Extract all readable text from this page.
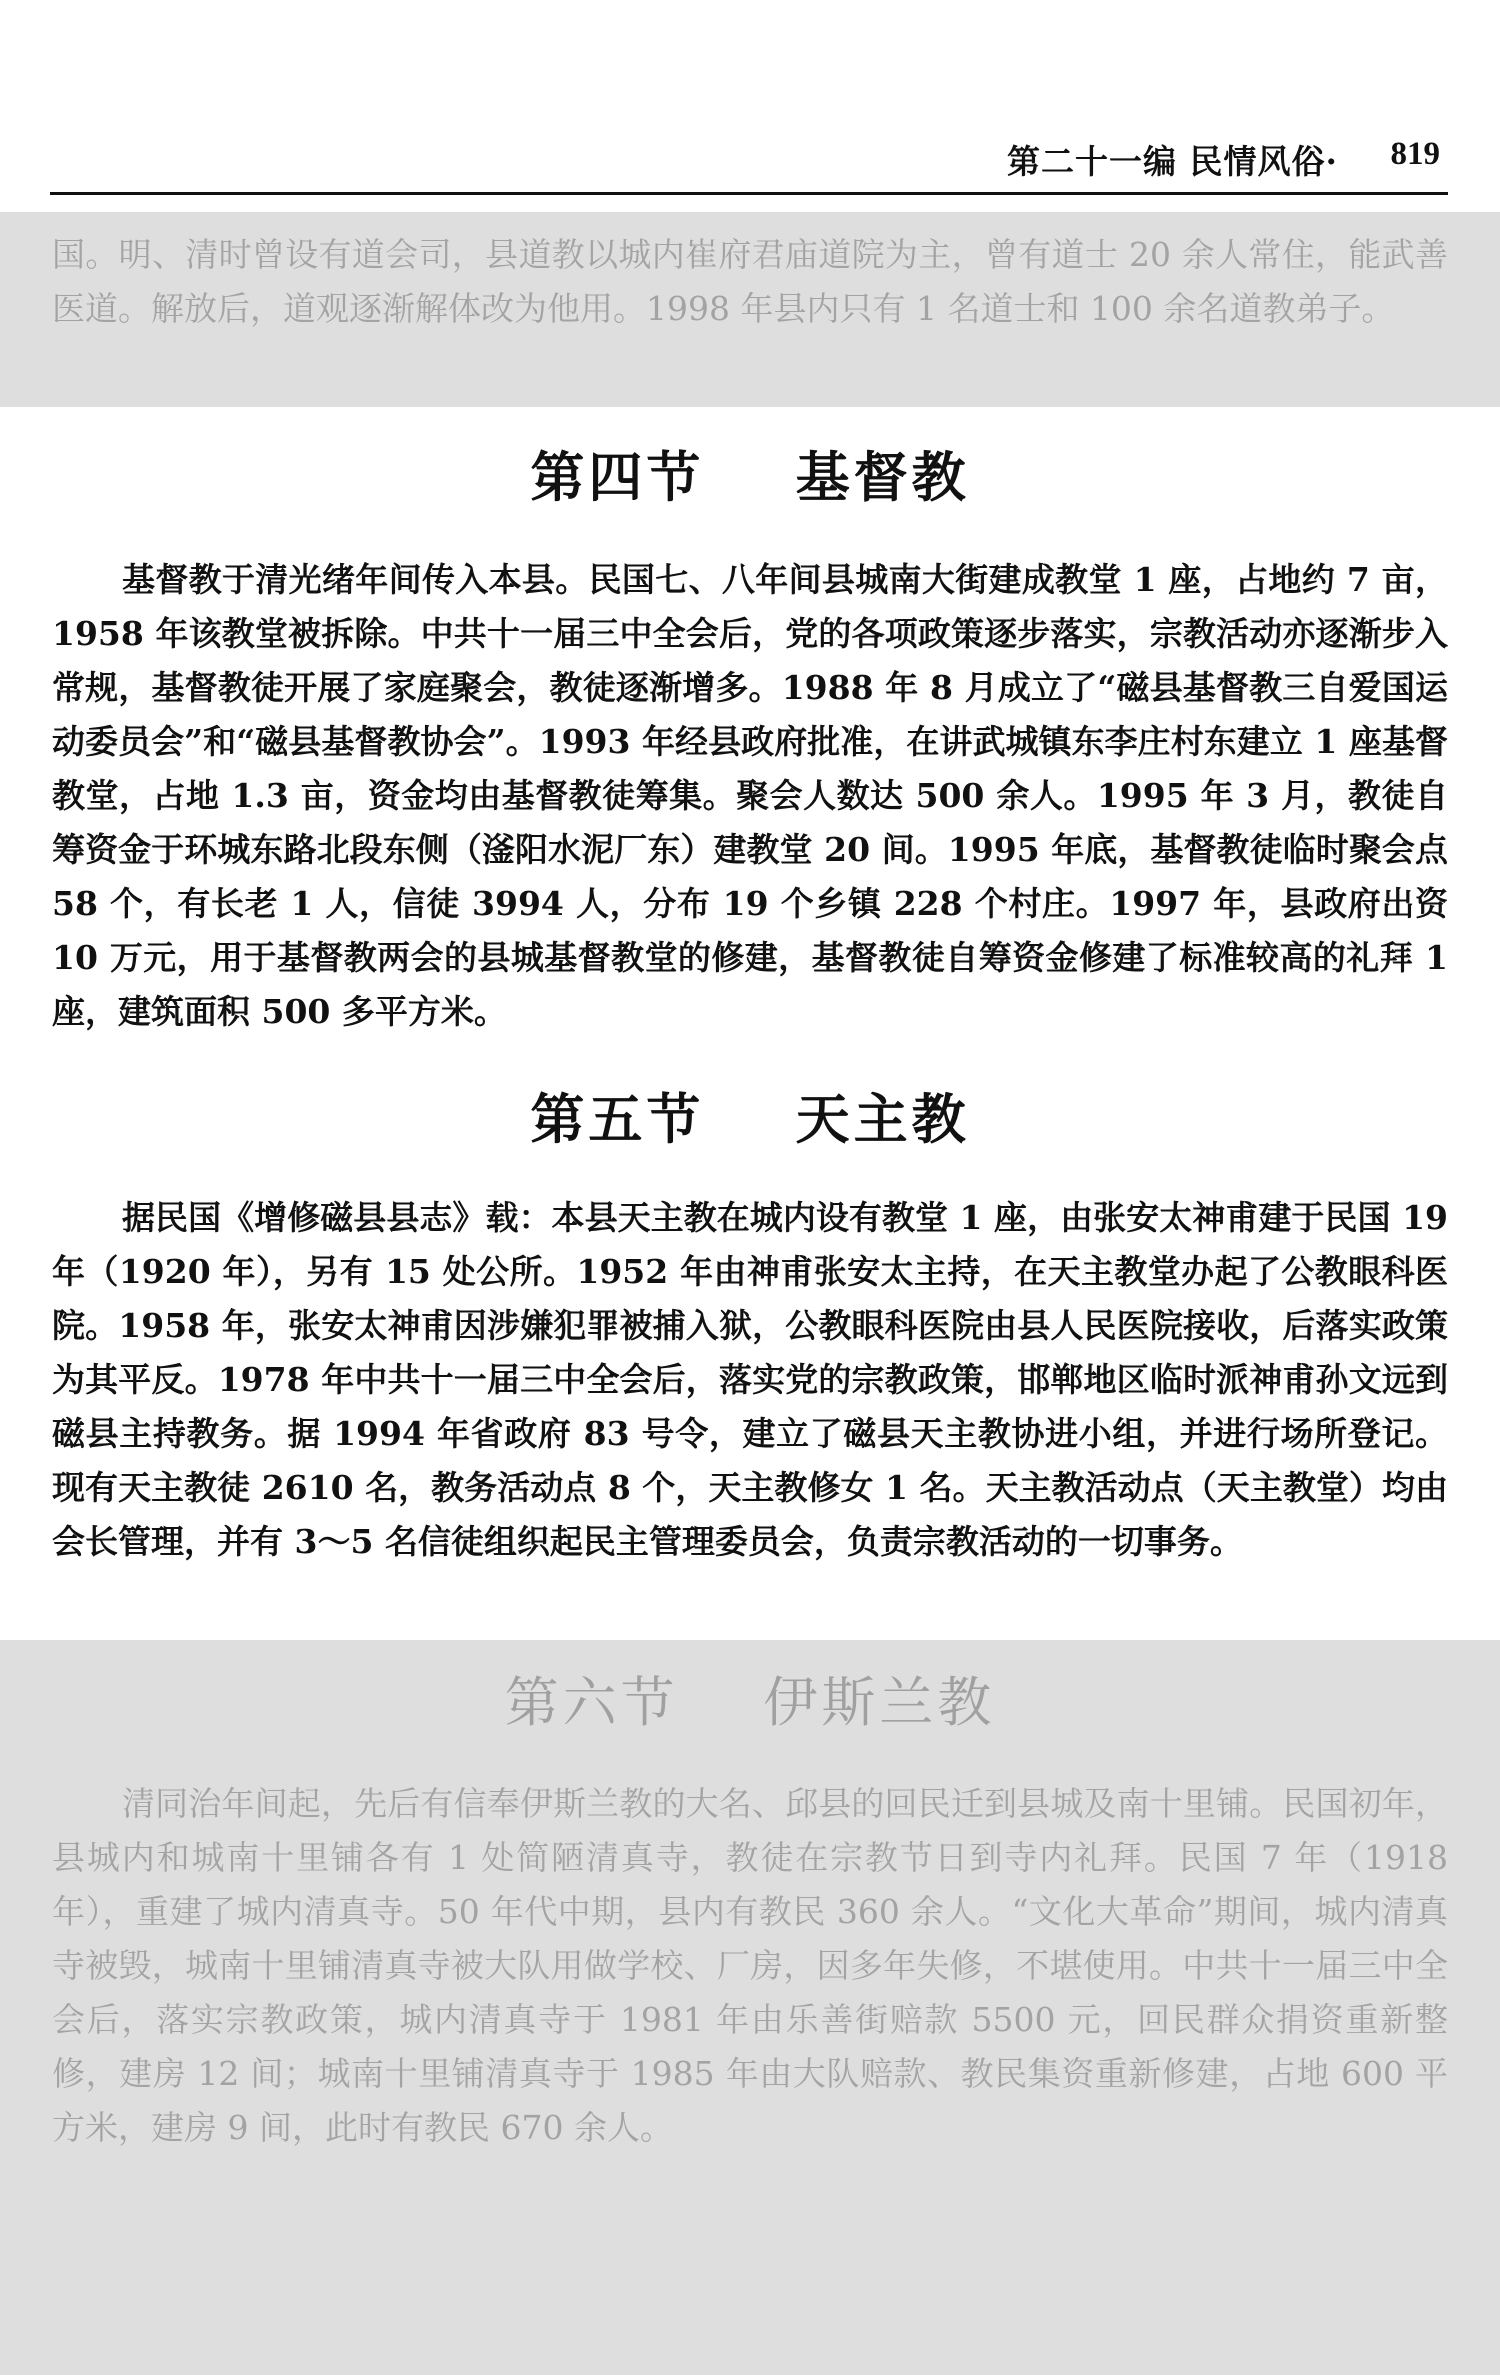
第二十一编 民情风俗· 819

国。明、清时曾设有道会司，县道教以城内崔府君庙道院为主，曾有道士 20 余人常住，能武善医道。解放后，道观逐渐解体改为他用。1998 年县内只有 1 名道士和 100 余名道教弟子。

第四节    基督教

基督教于清光绪年间传入本县。民国七、八年间县城南大街建成教堂 1 座，占地约 7 亩，1958 年该教堂被拆除。中共十一届三中全会后，党的各项政策逐步落实，宗教活动亦逐渐步入常规，基督教徒开展了家庭聚会，教徒逐渐增多。1988 年 8 月成立了“磁县基督教三自爱国运动委员会”和“磁县基督教协会”。1993 年经县政府批准，在讲武城镇东李庄村东建立 1 座基督教堂，占地 1.3 亩，资金均由基督教徒筹集。聚会人数达 500 余人。1995 年 3 月，教徒自筹资金于环城东路北段东侧（滏阳水泥厂东）建教堂 20 间。1995 年底，基督教徒临时聚会点 58 个，有长老 1 人，信徒 3994 人，分布 19 个乡镇 228 个村庄。1997 年，县政府出资 10 万元，用于基督教两会的县城基督教堂的修建，基督教徒自筹资金修建了标准较高的礼拜 1 座，建筑面积 500 多平方米。

第五节    天主教

据民国《增修磁县县志》载：本县天主教在城内设有教堂 1 座，由张安太神甫建于民国 19 年（1920 年），另有 15 处公所。1952 年由神甫张安太主持，在天主教堂办起了公教眼科医院。1958 年，张安太神甫因涉嫌犯罪被捕入狱，公教眼科医院由县人民医院接收，后落实政策为其平反。1978 年中共十一届三中全会后，落实党的宗教政策，邯郸地区临时派神甫孙文远到磁县主持教务。据 1994 年省政府 83 号令，建立了磁县天主教协进小组，并进行场所登记。现有天主教徒 2610 名，教务活动点 8 个，天主教修女 1 名。天主教活动点（天主教堂）均由会长管理，并有 3～5 名信徒组织起民主管理委员会，负责宗教活动的一切事务。

第六节    伊斯兰教

清同治年间起，先后有信奉伊斯兰教的大名、邱县的回民迁到县城及南十里铺。民国初年，县城内和城南十里铺各有 1 处简陋清真寺，教徒在宗教节日到寺内礼拜。民国 7 年（1918 年），重建了城内清真寺。50 年代中期，县内有教民 360 余人。“文化大革命”期间，城内清真寺被毁，城南十里铺清真寺被大队用做学校、厂房，因多年失修，不堪使用。中共十一届三中全会后，落实宗教政策，城内清真寺于 1981 年由乐善街赔款 5500 元，回民群众捐资重新整修，建房 12 间；城南十里铺清真寺于 1985 年由大队赔款、教民集资重新修建，占地 600 平方米，建房 9 间，此时有教民 670 余人。
